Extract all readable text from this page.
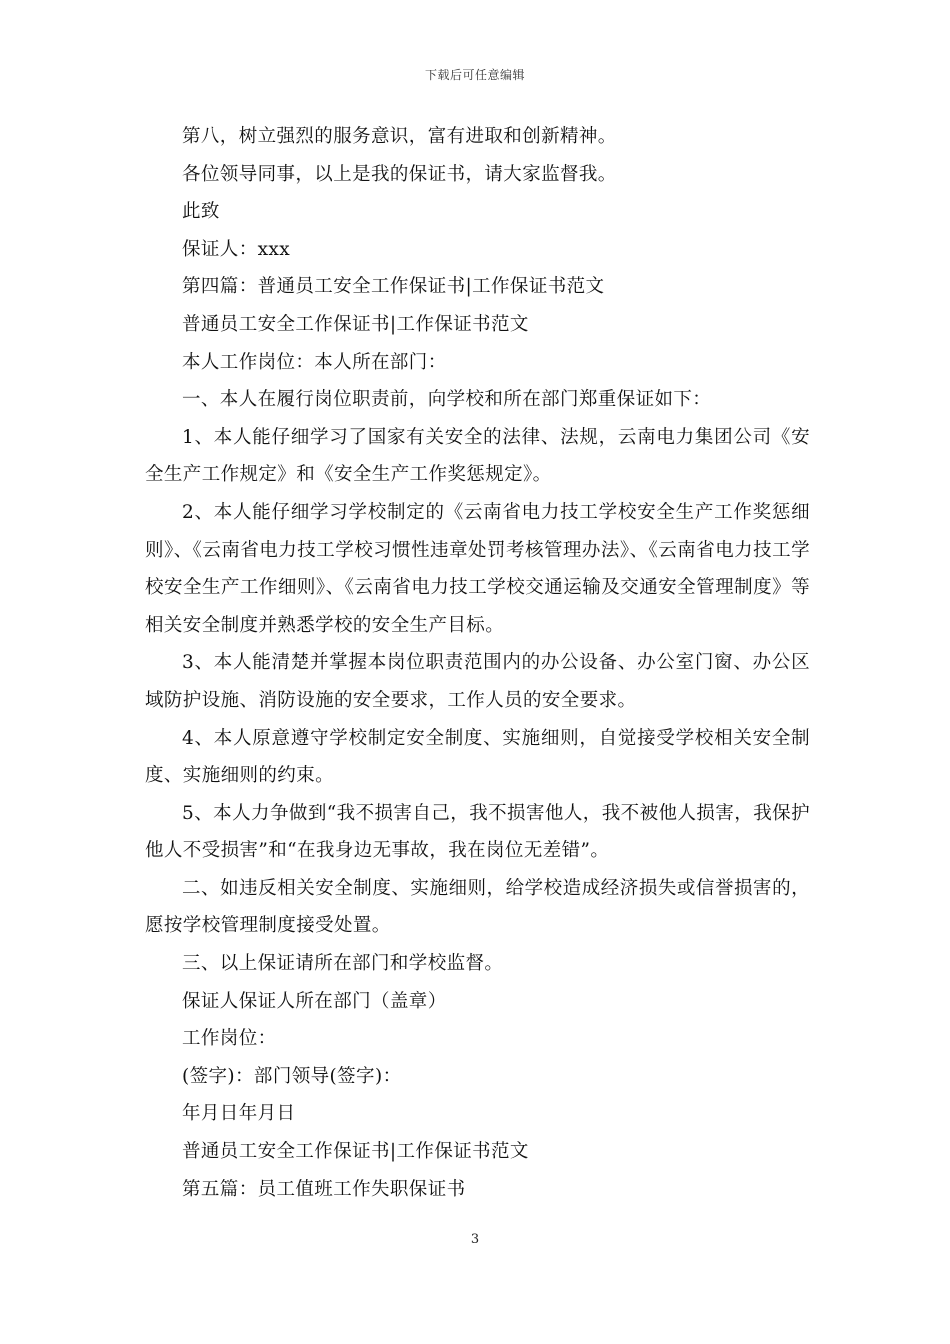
下载后可任意编辑

第八，树立强烈的服务意识，富有进取和创新精神。

各位领导同事，以上是我的保证书，请大家监督我。

此致

保证人：xxx

第四篇：普通员工安全工作保证书|工作保证书范文

普通员工安全工作保证书|工作保证书范文

本人工作岗位：本人所在部门：

一、本人在履行岗位职责前，向学校和所在部门郑重保证如下：

1、本人能仔细学习了国家有关安全的法律、法规，云南电力集团公司《安全生产工作规定》和《安全生产工作奖惩规定》。

2、本人能仔细学习学校制定的《云南省电力技工学校安全生产工作奖惩细则》、《云南省电力技工学校习惯性违章处罚考核管理办法》、《云南省电力技工学校安全生产工作细则》、《云南省电力技工学校交通运输及交通安全管理制度》等相关安全制度并熟悉学校的安全生产目标。

3、本人能清楚并掌握本岗位职责范围内的办公设备、办公室门窗、办公区域防护设施、消防设施的安全要求，工作人员的安全要求。

4、本人原意遵守学校制定安全制度、实施细则，自觉接受学校相关安全制度、实施细则的约束。

5、本人力争做到“我不损害自己，我不损害他人，我不被他人损害，我保护他人不受损害”和“在我身边无事故，我在岗位无差错”。

二、如违反相关安全制度、实施细则，给学校造成经济损失或信誉损害的，愿按学校管理制度接受处置。

三、以上保证请所在部门和学校监督。

保证人保证人所在部门（盖章）

工作岗位：

(签字)：部门领导(签字)：

年月日年月日

普通员工安全工作保证书|工作保证书范文

第五篇：员工值班工作失职保证书

3
